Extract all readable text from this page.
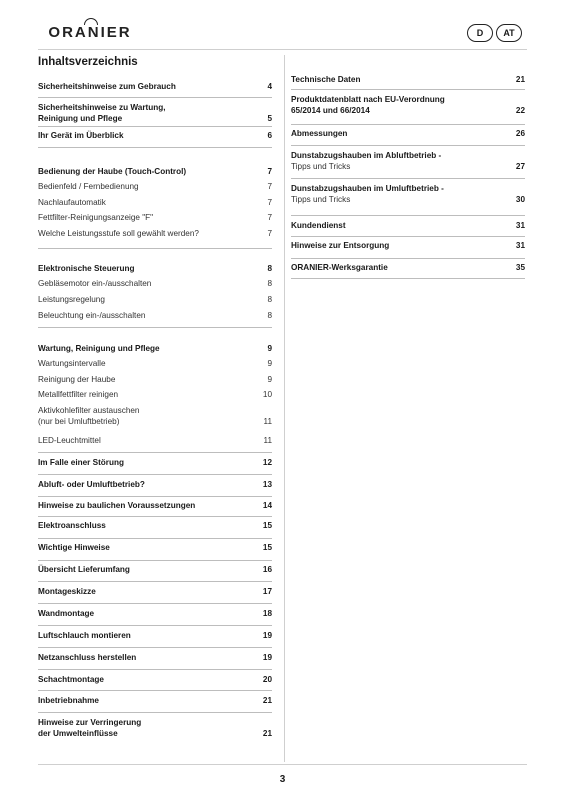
ORANIER	D	AT
Inhaltsverzeichnis
Sicherheitshinweise zum Gebrauch	4
Sicherheitshinweise zu Wartung,
Reinigung und Pflege	5
Ihr Gerät im Überblick	6
Bedienung der Haube (Touch-Control)	7
Bedienfeld / Fernbedienung	7
Nachlaufautomatik	7
Fettfilter-Reinigungsanzeige "F"	7
Welche Leistungsstufe soll gewählt werden?	7
Elektronische Steuerung	8
Gebläsemotor ein-/ausschalten	8
Leistungsregelung	8
Beleuchtung ein-/ausschalten	8
Wartung, Reinigung und Pflege	9
Wartungsintervalle	9
Reinigung der Haube	9
Metallfettfilter reinigen	10
Aktivkohlefilter austauschen
(nur bei Umluftbetrieb)	11
LED-Leuchtmittel	11
Im Falle einer Störung	12
Abluft- oder Umluftbetrieb?	13
Hinweise zu baulichen Voraussetzungen	14
Elektroanschluss	15
Wichtige Hinweise	15
Übersicht Lieferumfang	16
Montageskizze	17
Wandmontage	18
Luftschlauch montieren	19
Netzanschluss herstellen	19
Schachtmontage	20
Inbetriebnahme	21
Hinweise zur Verringerung
der Umwelteinflüsse	21
Technische Daten	21
Produktdatenblatt nach EU-Verordnung
65/2014 und 66/2014	22
Abmessungen	26
Dunstabzugshauben im Abluftbetrieb -
Tipps und Tricks	27
Dunstabzugshauben im Umluftbetrieb -
Tipps und Tricks	30
Kundendienst	31
Hinweise zur Entsorgung	31
ORANIER-Werksgarantie	35
3
